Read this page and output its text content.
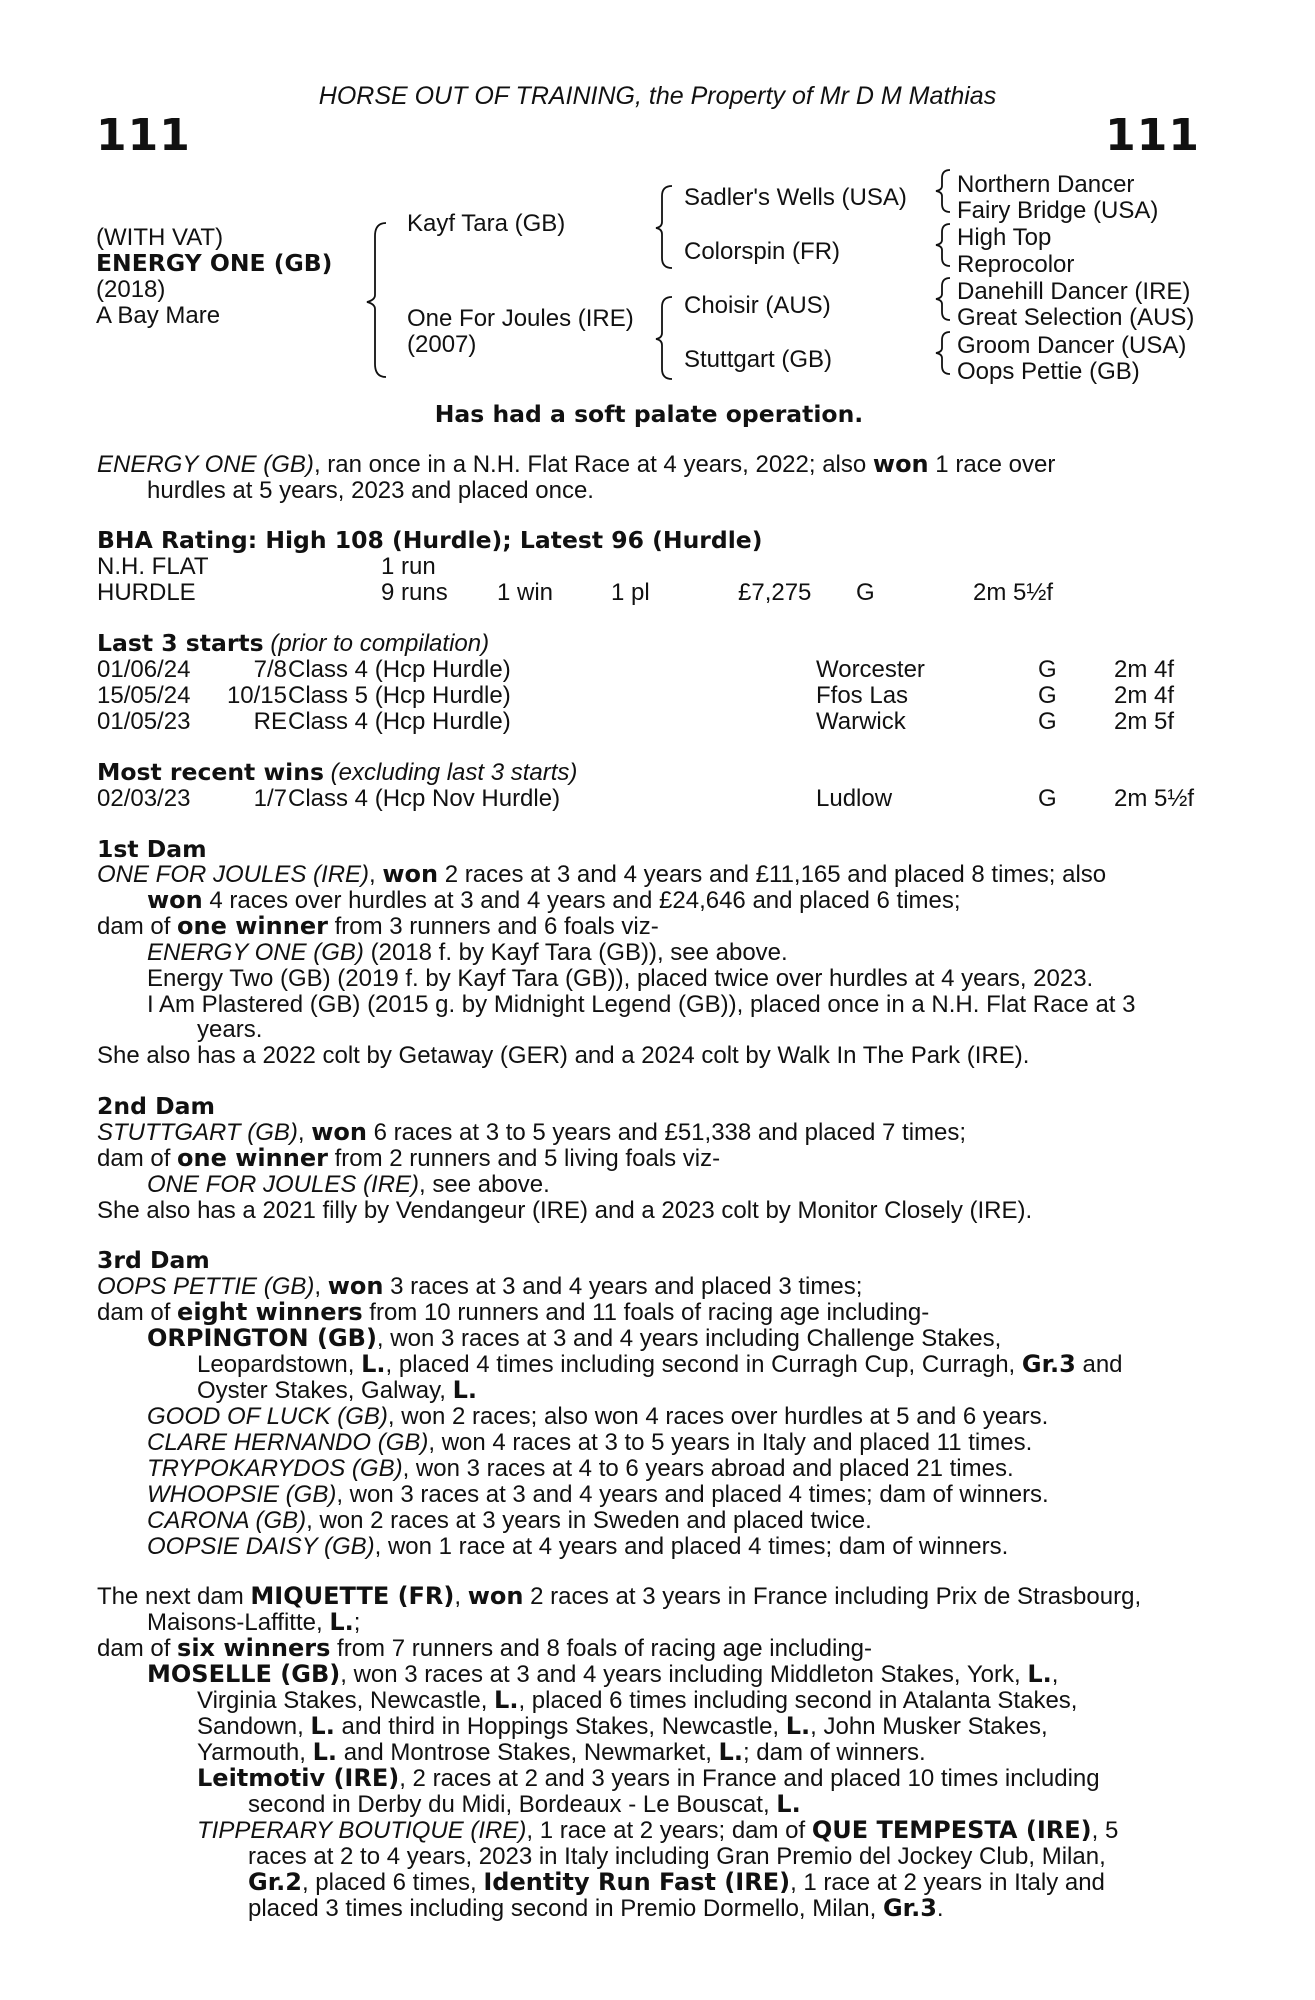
HORSE OUT OF TRAINING, the Property of Mr D M Mathias
111	111
(WITH VAT)
ENERGY ONE (GB)
(2018)
A Bay Mare
Kayf Tara (GB)
One For Joules (IRE)
(2007)
Sadler's Wells (USA)
Colorspin (FR)
Choisir (AUS)
Stuttgart (GB)
Northern Dancer
Fairy Bridge (USA)
High Top
Reprocolor
Danehill Dancer (IRE)
Great Selection (AUS)
Groom Dancer (USA)
Oops Pettie (GB)
Has had a soft palate operation.
ENERGY ONE (GB), ran once in a N.H. Flat Race at 4 years, 2022; also won 1 race over
hurdles at 5 years, 2023 and placed once.
BHA Rating: High 108 (Hurdle); Latest 96 (Hurdle)
N.H. FLAT	1 run
HURDLE	9 runs 1 win 1 pl	£7,275 G	2m 5½f
Last 3 starts (prior to compilation)
01/06/24	7/8 Class 4 (Hcp Hurdle)	Worcester	G 2m 4f
15/05/24	10/15 Class 5 (Hcp Hurdle)	Ffos Las	G 2m 4f
01/05/23	RE Class 4 (Hcp Hurdle)	Warwick	G 2m 5f
Most recent wins (excluding last 3 starts)
02/03/23	1/7 Class 4 (Hcp Nov Hurdle)	Ludlow	G 2m 5½f
1st Dam
ONE FOR JOULES (IRE), won 2 races at 3 and 4 years and £11,165 and placed 8 times; also
won 4 races over hurdles at 3 and 4 years and £24,646 and placed 6 times;
dam of one winner from 3 runners and 6 foals viz-
ENERGY ONE (GB) (2018 f. by Kayf Tara (GB)), see above.
Energy Two (GB) (2019 f. by Kayf Tara (GB)), placed twice over hurdles at 4 years, 2023.
I Am Plastered (GB) (2015 g. by Midnight Legend (GB)), placed once in a N.H. Flat Race at 3
years.
She also has a 2022 colt by Getaway (GER) and a 2024 colt by Walk In The Park (IRE).
2nd Dam
STUTTGART (GB), won 6 races at 3 to 5 years and £51,338 and placed 7 times;
dam of one winner from 2 runners and 5 living foals viz-
ONE FOR JOULES (IRE), see above.
She also has a 2021 filly by Vendangeur (IRE) and a 2023 colt by Monitor Closely (IRE).
3rd Dam
OOPS PETTIE (GB), won 3 races at 3 and 4 years and placed 3 times;
dam of eight winners from 10 runners and 11 foals of racing age including-
ORPINGTON (GB), won 3 races at 3 and 4 years including Challenge Stakes,
Leopardstown, L., placed 4 times including second in Curragh Cup, Curragh, Gr.3 and
Oyster Stakes, Galway, L.
GOOD OF LUCK (GB), won 2 races; also won 4 races over hurdles at 5 and 6 years.
CLARE HERNANDO (GB), won 4 races at 3 to 5 years in Italy and placed 11 times.
TRYPOKARYDOS (GB), won 3 races at 4 to 6 years abroad and placed 21 times.
WHOOPSIE (GB), won 3 races at 3 and 4 years and placed 4 times; dam of winners.
CARONA (GB), won 2 races at 3 years in Sweden and placed twice.
OOPSIE DAISY (GB), won 1 race at 4 years and placed 4 times; dam of winners.
The next dam MIQUETTE (FR), won 2 races at 3 years in France including Prix de Strasbourg,
Maisons-Laffitte, L.;
dam of six winners from 7 runners and 8 foals of racing age including-
MOSELLE (GB), won 3 races at 3 and 4 years including Middleton Stakes, York, L.,
Virginia Stakes, Newcastle, L., placed 6 times including second in Atalanta Stakes,
Sandown, L. and third in Hoppings Stakes, Newcastle, L., John Musker Stakes,
Yarmouth, L. and Montrose Stakes, Newmarket, L.; dam of winners.
Leitmotiv (IRE), 2 races at 2 and 3 years in France and placed 10 times including
second in Derby du Midi, Bordeaux - Le Bouscat, L.
TIPPERARY BOUTIQUE (IRE), 1 race at 2 years; dam of QUE TEMPESTA (IRE), 5
races at 2 to 4 years, 2023 in Italy including Gran Premio del Jockey Club, Milan,
Gr.2, placed 6 times, Identity Run Fast (IRE), 1 race at 2 years in Italy and
placed 3 times including second in Premio Dormello, Milan, Gr.3.
